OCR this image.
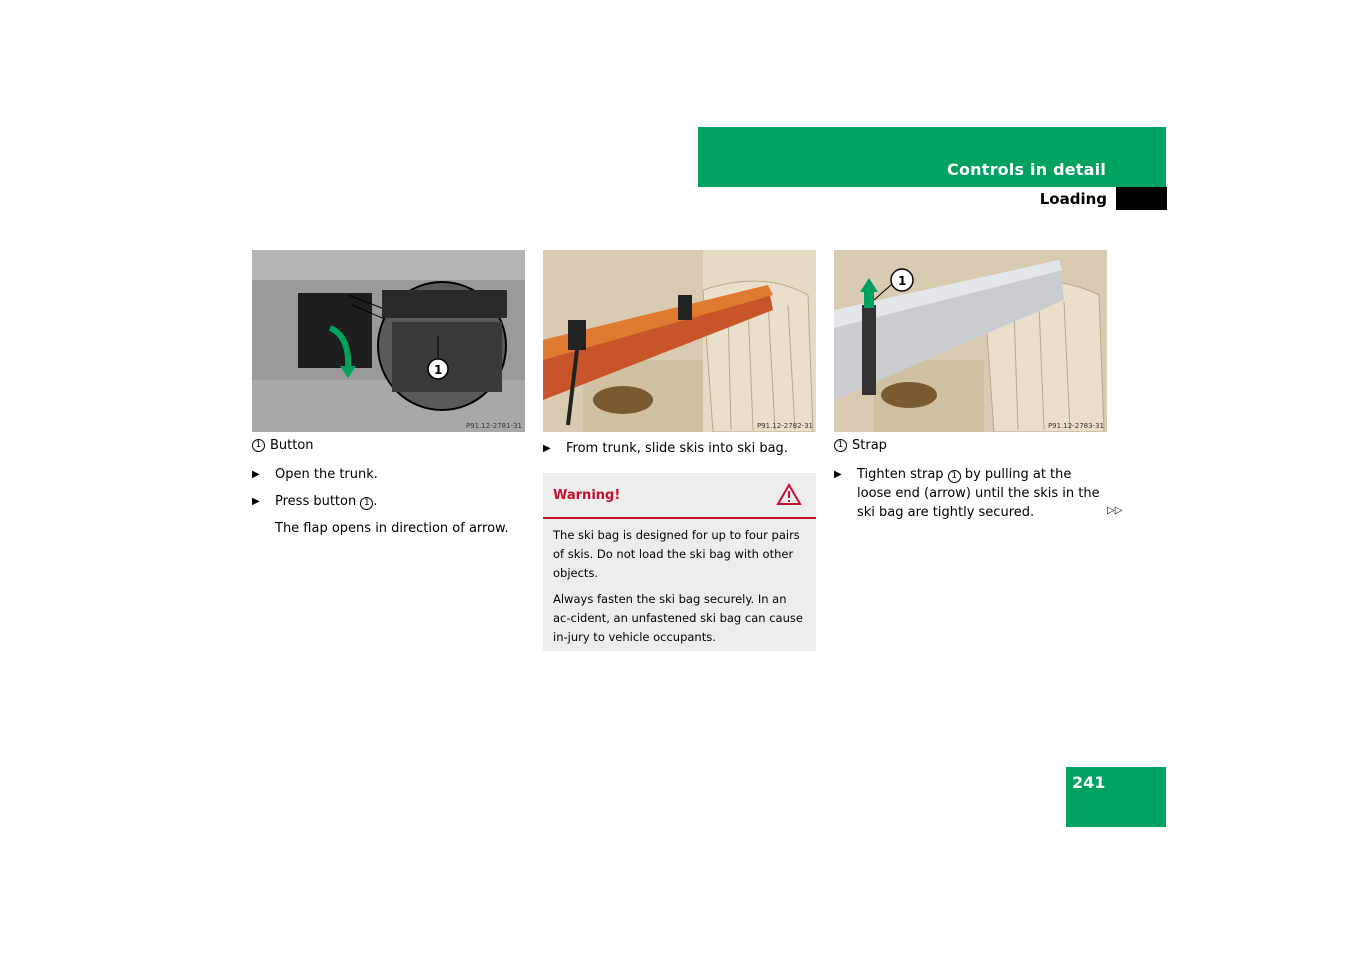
Controls in detail
Loading
1
P91.12-2781-31	P91.12-2782-31
1
P91.12-2783-31
1 Button
▶ Open the trunk.
▶ Press button 1 .
The flap opens in direction of arrow.
▶ From trunk, slide skis into ski bag.
Warning!

The ski bag is designed for up to four pairs of skis. Do not load the ski bag with other objects.

Always fasten the ski bag securely. In an ac-cident, an unfastened ski bag can cause in-jury to vehicle occupants.

1 Strap
▶ Tighten strap 1 by pulling at the loose end (arrow) until the skis in the ski bag are tightly secured.	▷▷
241
